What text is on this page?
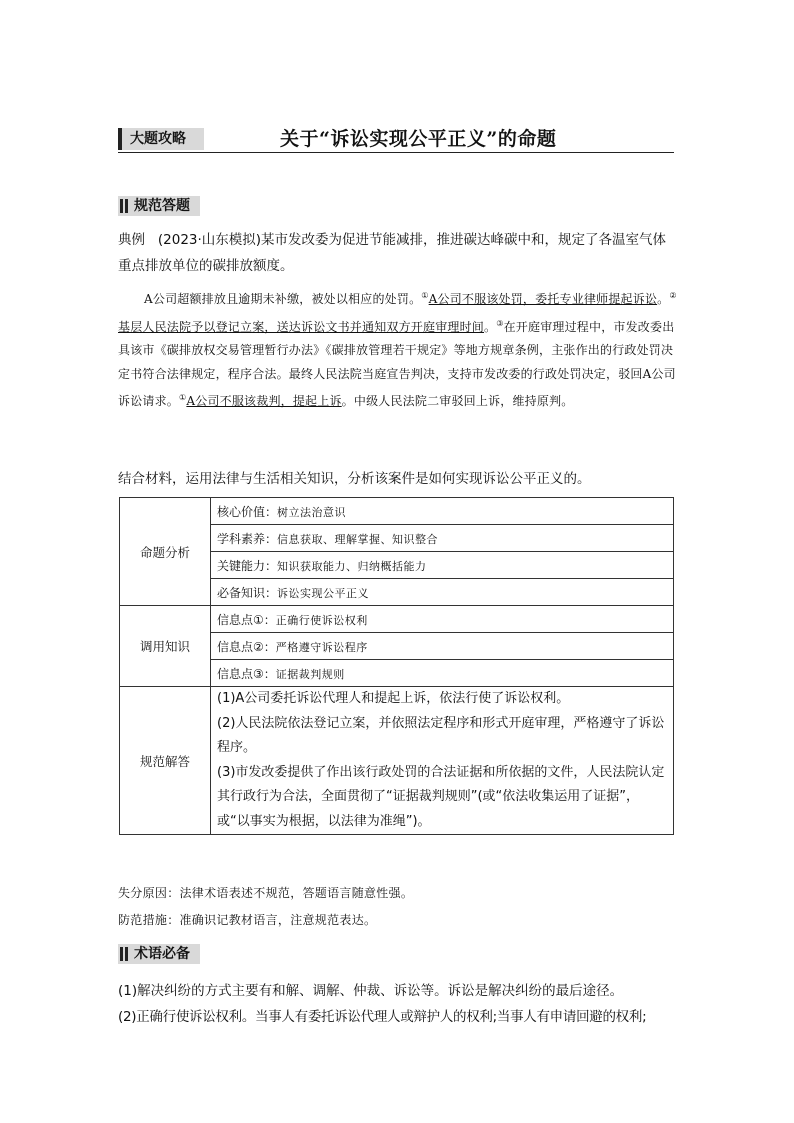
大题攻略	关于“诉讼实现公平正义”的命题
规范答题
典例   (2023·山东模拟)某市发改委为促进节能减排，推进碳达峰碳中和，规定了各温室气体
重点排放单位的碳排放额度。
A公司超额排放且逾期未补缴，被处以相应的处罚。①A公司不服该处罚，委托专业律师提起诉讼。②基层人民法院予以登记立案，送达诉讼文书并通知双方开庭审理时间。③在开庭审理过程中，市发改委出具该市《碳排放权交易管理暂行办法》《碳排放管理若干规定》等地方规章条例，主张作出的行政处罚决定书符合法律规定，程序合法。最终人民法院当庭宣告判决，支持市发改委的行政处罚决定，驳回A公司诉讼请求。①A公司不服该裁判，提起上诉。中级人民法院二审驳回上诉，维持原判。
结合材料，运用法律与生活相关知识，分析该案件是如何实现诉讼公平正义的。
命题分析	核心价值：树立法治意识
	学科素养：信息获取、理解掌握、知识整合
	关键能力：知识获取能力、归纳概括能力
	必备知识：诉讼实现公平正义
调用知识	信息点①：正确行使诉讼权利
	信息点②：严格遵守诉讼程序
	信息点③：证据裁判规则
规范解答	(1)A公司委托诉讼代理人和提起上诉，依法行使了诉讼权利。
(2)人民法院依法登记立案，并依照法定程序和形式开庭审理，严格遵守了诉讼程序。
(3)市发改委提供了作出该行政处罚的合法证据和所依据的文件，人民法院认定其行政行为合法，全面贯彻了“证据裁判规则”(或“依法收集运用了证据”，或“以事实为根据，以法律为准绳”)。
失分原因：法律术语表述不规范，答题语言随意性强。
防范措施：准确识记教材语言，注意规范表达。
术语必备
(1)解决纠纷的方式主要有和解、调解、仲裁、诉讼等。诉讼是解决纠纷的最后途径。
(2)正确行使诉讼权利。当事人有委托诉讼代理人或辩护人的权利;当事人有申请回避的权利;
